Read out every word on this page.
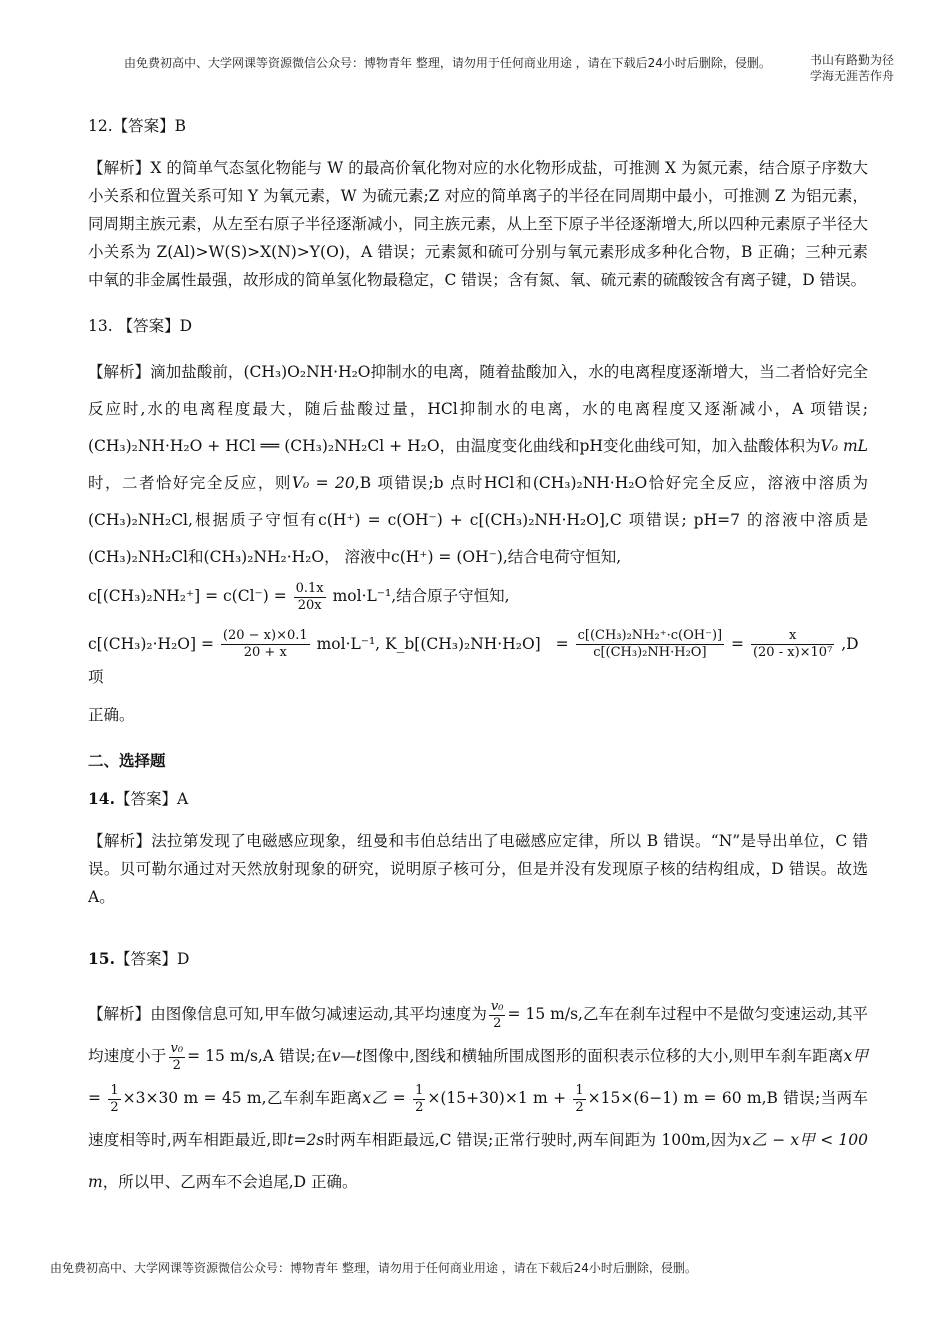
由免费初高中、大学网课等资源微信公众号：博物青年 整理，请勿用于任何商业用途 ，请在下载后24小时后删除，侵删。	书山有路勤为径
学海无涯苦作舟
12.【答案】B
【解析】X 的简单气态氢化物能与 W 的最高价氧化物对应的水化物形成盐，可推测 X 为氮元素，结合原子序数大小关系和位置关系可知 Y 为氧元素，W 为硫元素;Z 对应的简单离子的半径在同周期中最小，可推测 Z 为铝元素，同周期主族元素，从左至右原子半径逐渐减小，同主族元素，从上至下原子半径逐渐增大,所以四种元素原子半径大小关系为 Z(Al)>W(S)>X(N)>Y(O)，A 错误；元素氮和硫可分别与氧元素形成多种化合物，B 正确；三种元素中氧的非金属性最强，故形成的简单氢化物最稳定，C 错误；含有氮、氧、硫元素的硫酸铵含有离子键，D 错误。
13. 【答案】D
【解析】滴加盐酸前，(CH₃)O₂NH·H₂O抑制水的电离，随着盐酸加入，水的电离程度逐渐增大，当二者恰好完全反应时,水的电离程度最大，随后盐酸过量，HCl抑制水的电离，水的电离程度又逐渐减小，A 项错误;(CH₃)₂NH·H₂O + HCl ══ (CH₃)₂NH₂Cl + H₂O，由温度变化曲线和pH变化曲线可知，加入盐酸体积为V₀ mL时，二者恰好完全反应，则V₀ = 20,B 项错误;b 点时HCl和(CH₃)₂NH·H₂O恰好完全反应，溶液中溶质为(CH₃)₂NH₂Cl,根据质子守恒有c(H⁺) = c(OH⁻) + c[(CH₃)₂NH·H₂O],C 项错误; pH=7 的溶液中溶质是(CH₃)₂NH₂Cl和(CH₃)₂NH₂·H₂O， 溶液中c(H⁺) = (OH⁻),结合电荷守恒知,
$c[(CH_3)_2NH_2^+] = c(Cl^-) = \frac{0.1x}{20x} mol\cdot L^{-1}$,结合原子守恒知,
$c[(CH_3)_2\cdot H_2O] = \frac{(20 - x)\times 0.1}{20 + x} mol\cdot L^{-1}$, K_b[(CH₃)₂NH·H₂O] = $\frac{\text{c[(CH₃)₂NH₂⁺·c(OH⁻)]}}{\text{c[(CH₃)₂NH·H₂O]}} = \frac{x}{\text{(20 - x)×10⁷}} ,D$ 项
正确。
二、选择题
14.【答案】A
【解析】法拉第发现了电磁感应现象，纽曼和韦伯总结出了电磁感应定律，所以 B 错误。“N”是导出单位，C 错误。贝可勒尔通过对天然放射现象的研究，说明原子核可分，但是并没有发现原子核的结构组成，D 错误。故选 A。
15.【答案】D
【解析】由图像信息可知,甲车做匀减速运动,其平均速度为 $\frac{\text{v₀}}{2} = 15$ m/s,乙车在刹车过程中不是做匀变速运动,其平均速度小于 $\frac{\text{v₀}}{2} = 15$ m/s,A 错误;在v—t图像中,图线和横轴所围成图形的面积表示位移的大小,则甲车刹车距离x甲 = $\frac{1}{2} \times 3\times 30$ m = 45 m,乙车刹车距离x乙 = $\frac{1}{2} \times(15+30)\times 1$ $m + \frac{1}{2} \times 15\times(6-1) m = 60$ m,B 错误;当两车速度相等时,两车相距最近,即t=2s时两车相距最远,C 错误;正常行驶时,两车间距为 100m,因为x乙 − x甲 < 100 m，所以甲、乙两车不会追尾,D 正确。
由免费初高中、大学网课等资源微信公众号：博物青年 整理，请勿用于任何商业用途 ，请在下载后24小时后删除，侵删。
